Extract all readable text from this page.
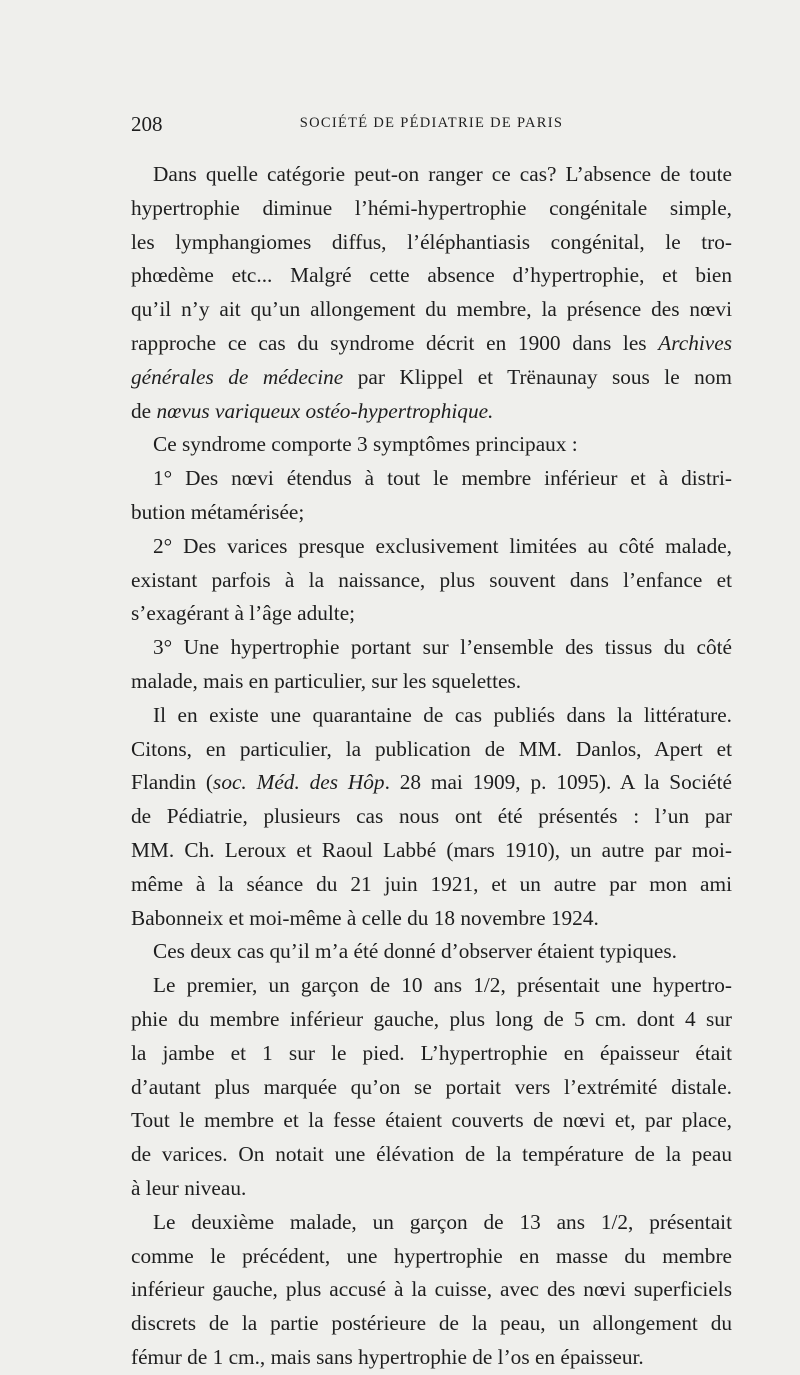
208	SOCIÉTÉ DE PÉDIATRIE DE PARIS
Dans quelle catégorie peut-on ranger ce cas? L’absence de toute
hypertrophie diminue l’hémi-hypertrophie congénitale simple,
les lymphangiomes diffus, l’éléphantiasis congénital, le tro-
phœdème etc... Malgré cette absence d’hypertrophie, et bien
qu’il n’y ait qu’un allongement du membre, la présence des nœvi
rapproche ce cas du syndrome décrit en 1900 dans les Archives
générales de médecine par Klippel et Trënaunay sous le nom
de nœvus variqueux ostéo-hypertrophique.
Ce syndrome comporte 3 symptômes principaux :
1° Des nœvi étendus à tout le membre inférieur et à distri-
bution métamérisée;
2° Des varices presque exclusivement limitées au côté malade,
existant parfois à la naissance, plus souvent dans l’enfance et
s’exagérant à l’âge adulte;
3° Une hypertrophie portant sur l’ensemble des tissus du côté
malade, mais en particulier, sur les squelettes.
Il en existe une quarantaine de cas publiés dans la littérature.
Citons, en particulier, la publication de MM. Danlos, Apert et
Flandin (soc. Méd. des Hôp. 28 mai 1909, p. 1095). A la Société
de Pédiatrie, plusieurs cas nous ont été présentés : l’un par
MM. Ch. Leroux et Raoul Labbé (mars 1910), un autre par moi-
même à la séance du 21 juin 1921, et un autre par mon ami
Babonneix et moi-même à celle du 18 novembre 1924.
Ces deux cas qu’il m’a été donné d’observer étaient typiques.
Le premier, un garçon de 10 ans 1/2, présentait une hypertro-
phie du membre inférieur gauche, plus long de 5 cm. dont 4 sur
la jambe et 1 sur le pied. L’hypertrophie en épaisseur était
d’autant plus marquée qu’on se portait vers l’extrémité distale.
Tout le membre et la fesse étaient couverts de nœvi et, par place,
de varices. On notait une élévation de la température de la peau
à leur niveau.
Le deuxième malade, un garçon de 13 ans 1/2, présentait
comme le précédent, une hypertrophie en masse du membre
inférieur gauche, plus accusé à la cuisse, avec des nœvi superficiels
discrets de la partie postérieure de la peau, un allongement du
fémur de 1 cm., mais sans hypertrophie de l’os en épaisseur.
